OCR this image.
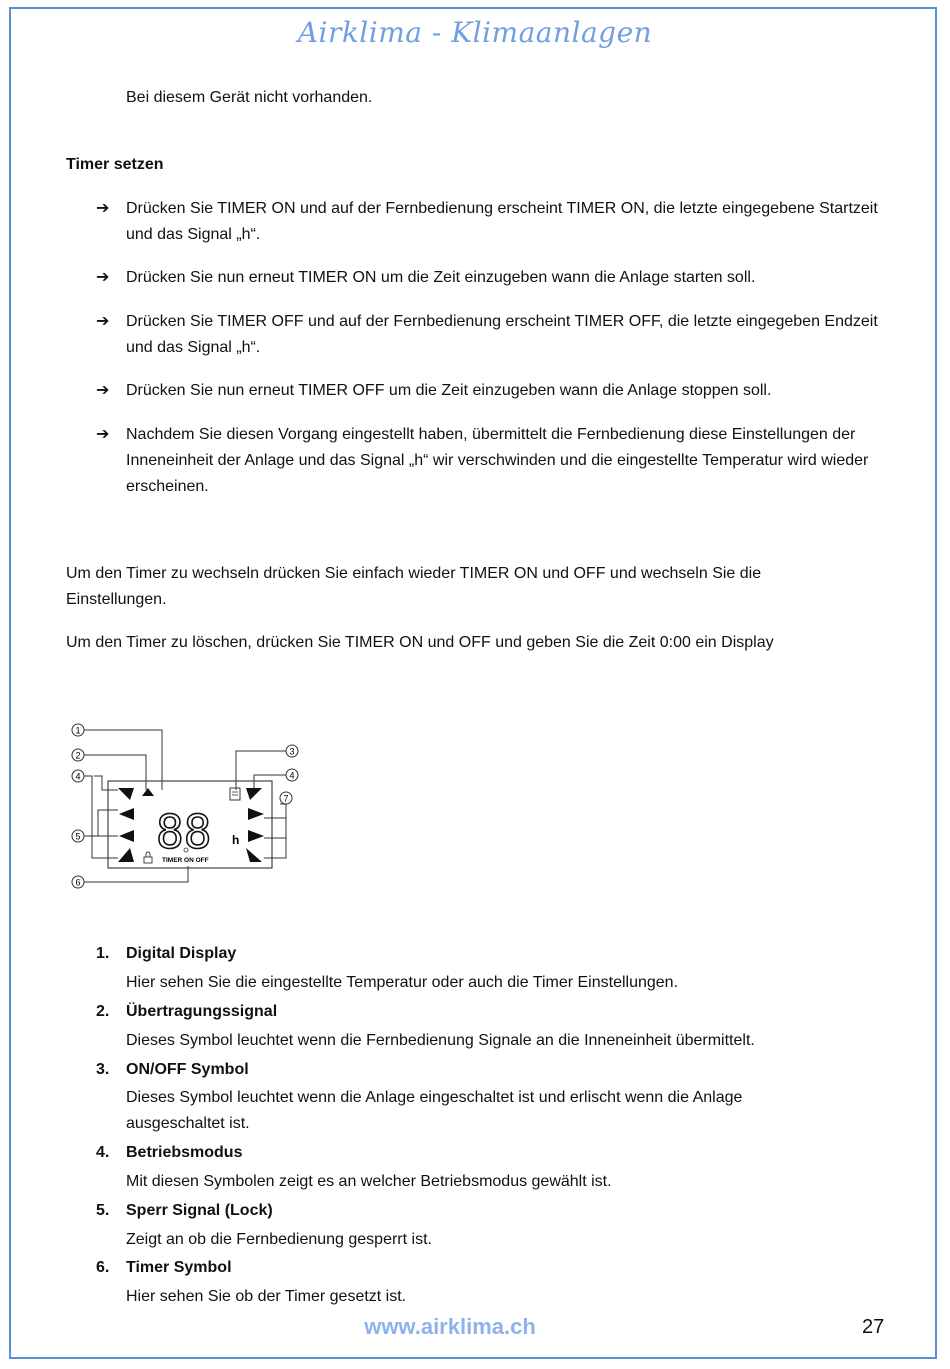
Airklima - Klimaanlagen
Bei diesem Gerät nicht vorhanden.
Timer setzen
➔ Drücken Sie TIMER ON und auf der Fernbedienung erscheint TIMER ON, die letzte eingegebene Startzeit und das Signal „h“.
➔ Drücken Sie nun erneut TIMER ON um die Zeit einzugeben wann die Anlage starten soll.
➔ Drücken Sie TIMER OFF und auf der Fernbedienung erscheint TIMER OFF, die letzte eingegeben Endzeit und das Signal „h“.
➔ Drücken Sie nun erneut TIMER OFF um die Zeit einzugeben wann die Anlage stoppen soll.
➔ Nachdem Sie diesen Vorgang eingestellt haben, übermittelt die Fernbedienung diese Einstellungen der Inneneinheit der Anlage und das Signal „h“ wir verschwinden und die eingestellte Temperatur wird wieder erscheinen.
Um den Timer zu wechseln drücken Sie einfach wieder TIMER ON und OFF und wechseln Sie die Einstellungen.
Um den Timer zu löschen, drücken Sie TIMER ON und OFF und geben Sie die Zeit 0:00 ein Display
1
2
4
5
6
3
4
7
88 h
TIMER ON OFF
1. Digital Display
Hier sehen Sie die eingestellte Temperatur oder auch die Timer Einstellungen.
2. Übertragungssignal
Dieses Symbol leuchtet wenn die Fernbedienung Signale an die Inneneinheit übermittelt.
3. ON/OFF Symbol
Dieses Symbol leuchtet wenn die Anlage eingeschaltet ist und erlischt wenn die Anlage ausgeschaltet ist.
4. Betriebsmodus
Mit diesen Symbolen zeigt es an welcher Betriebsmodus gewählt ist.
5. Sperr Signal (Lock)
Zeigt an ob die Fernbedienung gesperrt ist.
6. Timer Symbol
Hier sehen Sie ob der Timer gesetzt ist.
www.airklima.ch	27
